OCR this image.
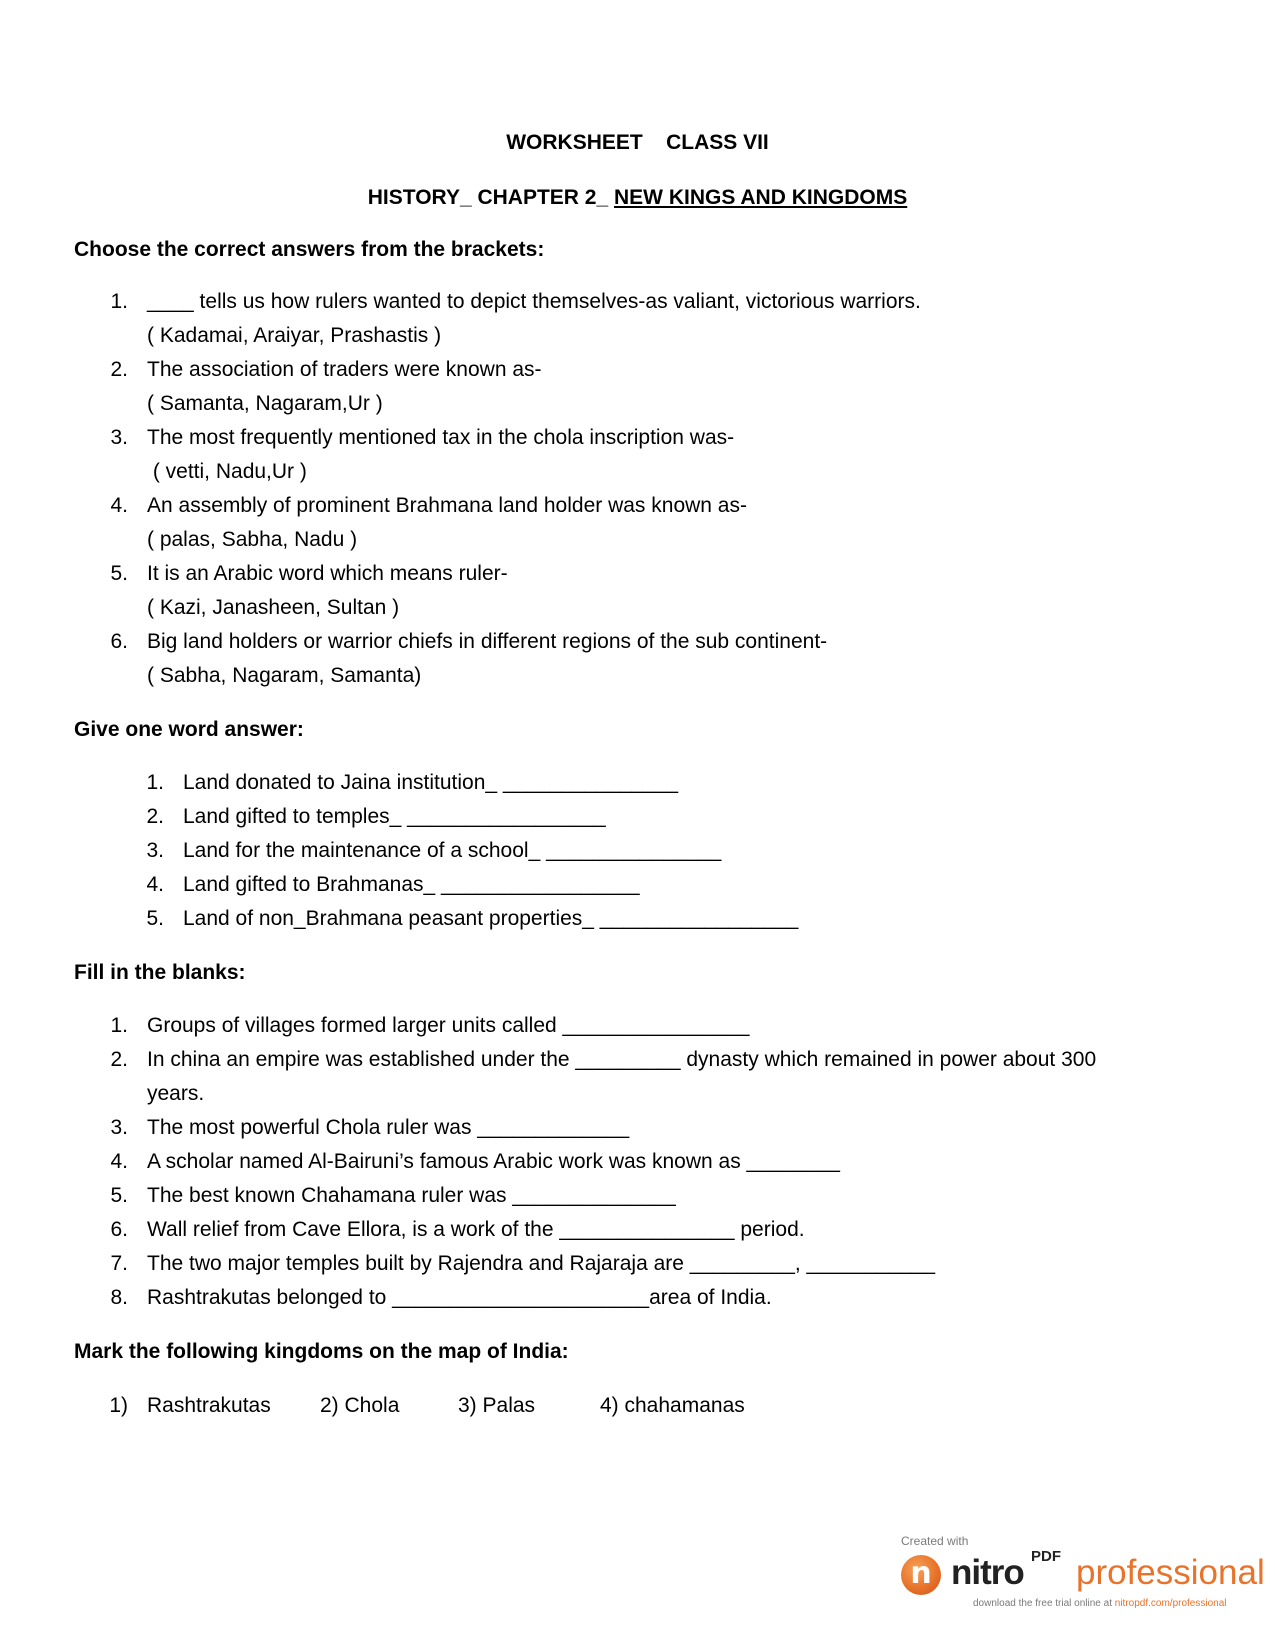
WORKSHEET CLASS VII
HISTORY_ CHAPTER 2_ NEW KINGS AND KINGDOMS
Choose the correct answers from the brackets:
1. ____ tells us how rulers wanted to depict themselves-as valiant, victorious warriors.
( Kadamai, Araiyar, Prashastis )
2. The association of traders were known as-
( Samanta, Nagaram,Ur )
3. The most frequently mentioned tax in the chola inscription was-
( vetti, Nadu,Ur )
4. An assembly of prominent Brahmana land holder was known as-
( palas, Sabha, Nadu )
5. It is an Arabic word which means ruler-
( Kazi, Janasheen, Sultan )
6. Big land holders or warrior chiefs in different regions of the sub continent-
( Sabha, Nagaram, Samanta)
Give one word answer:
1. Land donated to Jaina institution_ _______________
2. Land gifted to temples_ _________________
3. Land for the maintenance of a school_ _______________
4. Land gifted to Brahmanas_ _________________
5. Land of non_Brahmana peasant properties_ _________________
Fill in the blanks:
1. Groups of villages formed larger units called ________________
2. In china an empire was established under the _________ dynasty which remained in power about 300
years.
3. The most powerful Chola ruler was _____________
4. A scholar named Al-Bairuni’s famous Arabic work was known as ________
5. The best known Chahamana ruler was ______________
6. Wall relief from Cave Ellora, is a work of the _______________ period.
7. The two major temples built by Rajendra and Rajaraja are _________, ___________
8. Rashtrakutas belonged to ______________________area of India.
Mark the following kingdoms on the map of India:
1) Rashtrakutas 2) Chola	3) Palas	4) chahamanas
Created with
n nitro PDF professional
download the free trial online at nitropdf.com/professional
